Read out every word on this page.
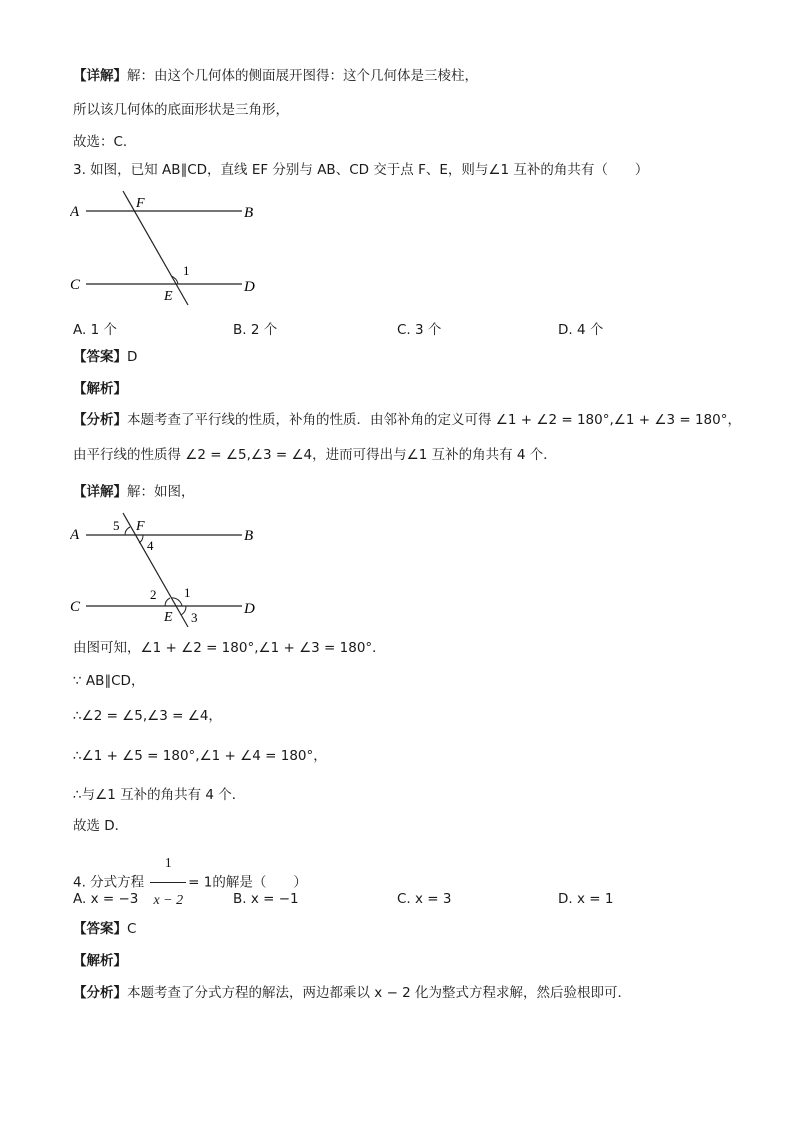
【详解】解：由这个几何体的侧面展开图得：这个几何体是三棱柱，
所以该几何体的底面形状是三角形，
故选：C．
3. 如图，已知 AB∥CD，直线 EF 分别与 AB、CD 交于点 F、E，则与∠1 互补的角共有（　　）
A	B
C	D
F
E
1
A. 1 个	B. 2 个	C. 3 个	D. 4 个
【答案】D
【解析】
【分析】本题考查了平行线的性质，补角的性质．由邻补角的定义可得 ∠1 + ∠2 = 180°,∠1 + ∠3 = 180°，
由平行线的性质得 ∠2 = ∠5,∠3 = ∠4，进而可得出与∠1 互补的角共有 4 个．
【详解】解：如图，
A	B
C	D
F
E
5
4
2 1
3
由图可知，∠1 + ∠2 = 180°,∠1 + ∠3 = 180°．
∵ AB∥CD，
∴∠2 = ∠5,∠3 = ∠4，
∴∠1 + ∠5 = 180°,∠1 + ∠4 = 180°，
∴与∠1 互补的角共有 4 个．
故选 D．
4. 分式方程 $\frac{1}{x - 2} = 1$的解是（　　）
A. x = −3	B. x = −1	C. x = 3	D. x = 1
【答案】C
【解析】
【分析】本题考查了分式方程的解法，两边都乘以 x − 2 化为整式方程求解，然后验根即可．
